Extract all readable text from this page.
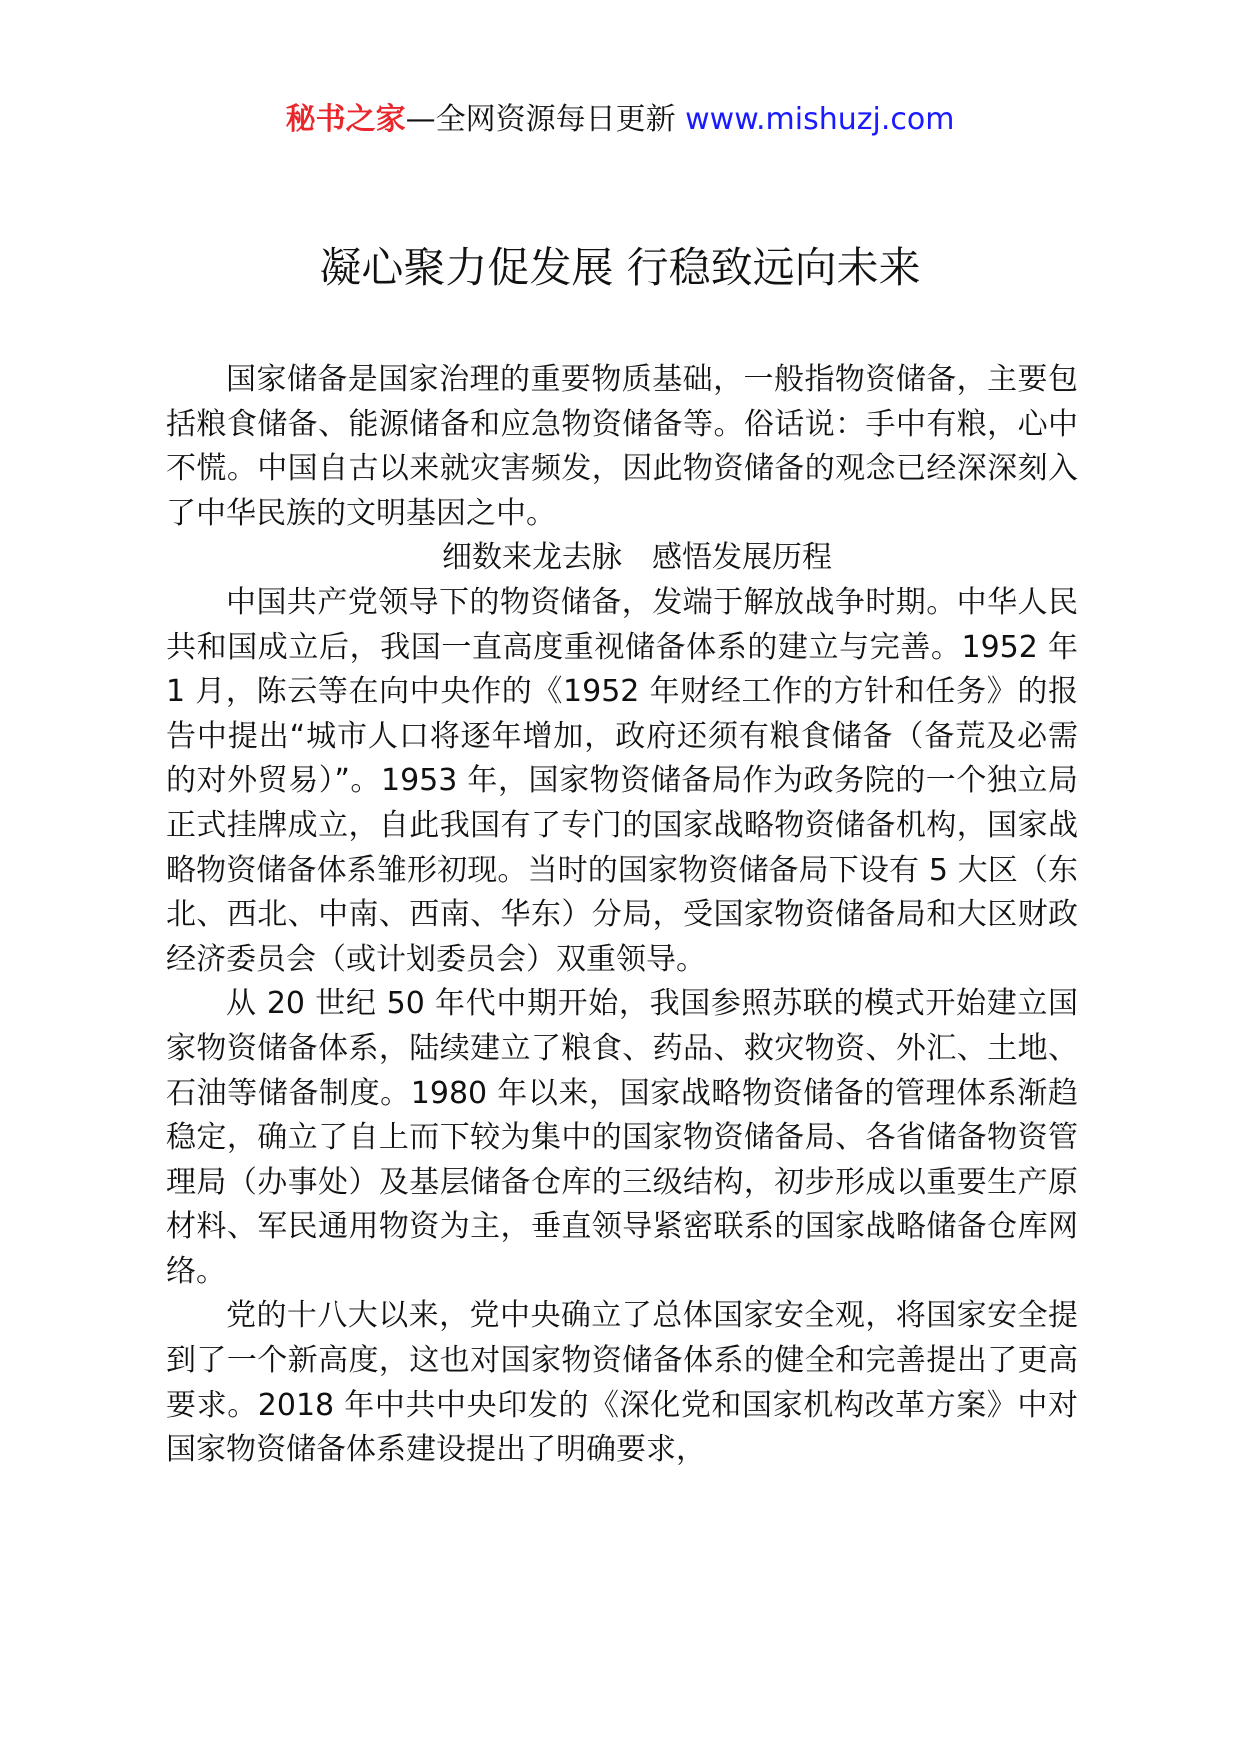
秘书之家—全网资源每日更新 www.mishuzj.com
凝心聚力促发展 行稳致远向未来

国家储备是国家治理的重要物质基础，一般指物资储备，主要包括粮食储备、能源储备和应急物资储备等。俗话说：手中有粮，心中不慌。中国自古以来就灾害频发，因此物资储备的观念已经深深刻入了中华民族的文明基因之中。

细数来龙去脉　感悟发展历程

中国共产党领导下的物资储备，发端于解放战争时期。中华人民共和国成立后，我国一直高度重视储备体系的建立与完善。1952 年 1 月，陈云等在向中央作的《1952 年财经工作的方针和任务》的报告中提出“城市人口将逐年增加，政府还须有粮食储备（备荒及必需的对外贸易）”。1953 年，国家物资储备局作为政务院的一个独立局正式挂牌成立，自此我国有了专门的国家战略物资储备机构，国家战略物资储备体系雏形初现。当时的国家物资储备局下设有 5 大区（东北、西北、中南、西南、华东）分局，受国家物资储备局和大区财政经济委员会（或计划委员会）双重领导。

从 20 世纪 50 年代中期开始，我国参照苏联的模式开始建立国家物资储备体系，陆续建立了粮食、药品、救灾物资、外汇、土地、石油等储备制度。1980 年以来，国家战略物资储备的管理体系渐趋稳定，确立了自上而下较为集中的国家物资储备局、各省储备物资管理局（办事处）及基层储备仓库的三级结构，初步形成以重要生产原材料、军民通用物资为主，垂直领导紧密联系的国家战略储备仓库网络。

党的十八大以来，党中央确立了总体国家安全观，将国家安全提到了一个新高度，这也对国家物资储备体系的健全和完善提出了更高要求。2018 年中共中央印发的《深化党和国家机构改革方案》中对国家物资储备体系建设提出了明确要求，
